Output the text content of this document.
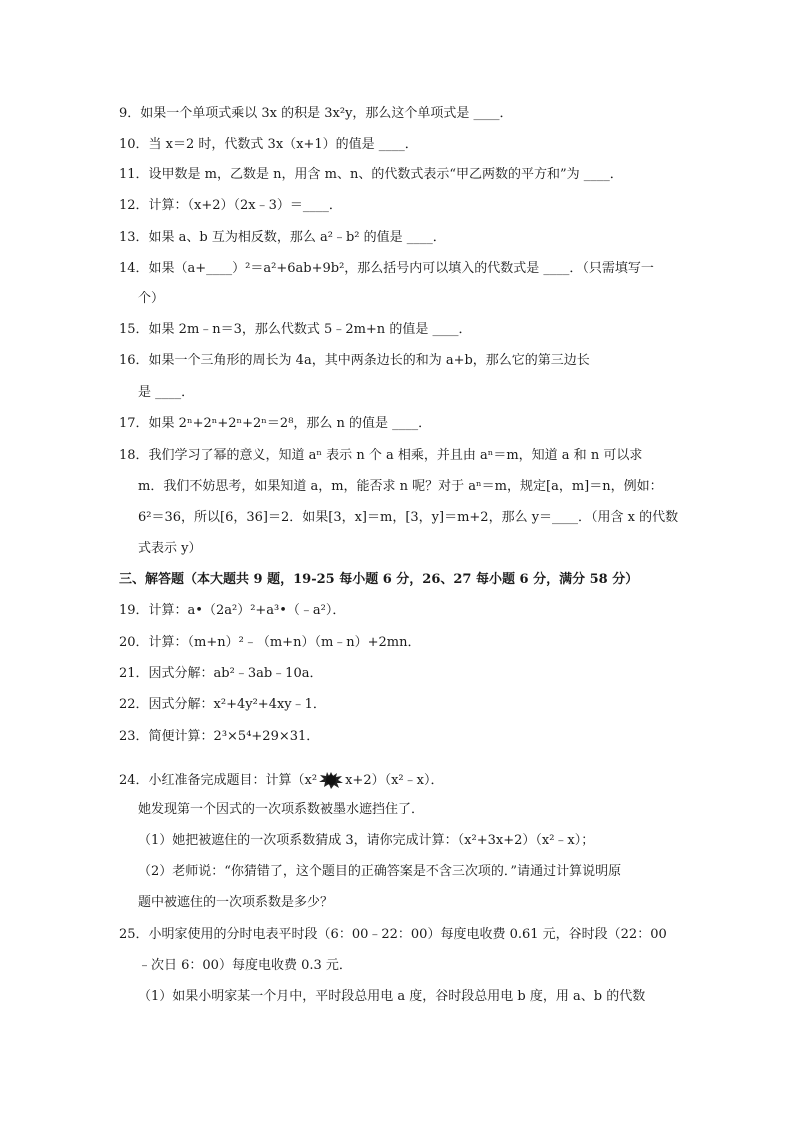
9．如果一个单项式乘以 3x 的积是 3x²y，那么这个单项式是 ____．
10．当 x＝2 时，代数式 3x（x+1）的值是 ____．
11．设甲数是 m，乙数是 n，用含 m、n、的代数式表示“甲乙两数的平方和”为 ____．
12．计算：（x+2）（2x﹣3）＝____．
13．如果 a、b 互为相反数，那么 a²﹣b² 的值是 ____．
14．如果（a+____）²＝a²+6ab+9b²，那么括号内可以填入的代数式是 ____．（只需填写一
个）
15．如果 2m﹣n＝3，那么代数式 5﹣2m+n 的值是 ____．
16．如果一个三角形的周长为 4a，其中两条边长的和为 a+b，那么它的第三边长
是 ____．
17．如果 2ⁿ+2ⁿ+2ⁿ+2ⁿ＝2⁸，那么 n 的值是 ____．
18．我们学习了幂的意义，知道 aⁿ 表示 n 个 a 相乘，并且由 aⁿ＝m，知道 a 和 n 可以求
m．我们不妨思考，如果知道 a，m，能否求 n 呢？对于 aⁿ＝m，规定[a，m]＝n，例如：
6²＝36，所以[6，36]＝2．如果[3，x]＝m，[3，y]＝m+2，那么 y＝____．（用含 x 的代数
式表示 y）
三、解答题（本大题共 9 题，19-25 每小题 6 分，26、27 每小题 6 分，满分 58 分）
19．计算：a•（2a²）²+a³•（﹣a²）．
20．计算：（m+n）²﹣（m+n）（m﹣n）+2mn．
21．因式分解：ab²﹣3ab﹣10a．
22．因式分解：x²+4y²+4xy﹣1．
23．简便计算：2³×5⁴+29×31．
24．小红准备完成题目：计算（x² x+2）（x²﹣x）．
她发现第一个因式的一次项系数被墨水遮挡住了．
（1）她把被遮住的一次项系数猜成 3，请你完成计算：（x²+3x+2）（x²﹣x）；
（2）老师说：“你猜错了，这个题目的正确答案是不含三次项的．”请通过计算说明原
题中被遮住的一次项系数是多少？
25．小明家使用的分时电表平时段（6：00﹣22：00）每度电收费 0.61 元，谷时段（22：00
﹣次日 6：00）每度电收费 0.3 元．
（1）如果小明家某一个月中，平时段总用电 a 度，谷时段总用电 b 度，用 a、b 的代数
